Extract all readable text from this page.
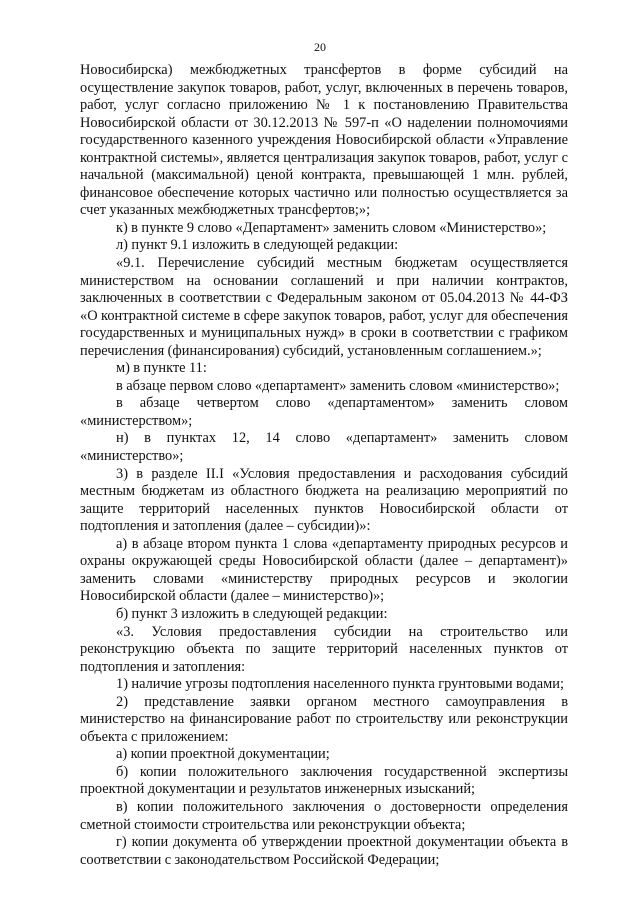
20

Новосибирска) межбюджетных трансфертов в форме субсидий на осуществление закупок товаров, работ, услуг, включенных в перечень товаров, работ, услуг согласно приложению № 1 к постановлению Правительства Новосибирской области от 30.12.2013 № 597-п «О наделении полномочиями государственного казенного учреждения Новосибирской области «Управление контрактной системы», является централизация закупок товаров, работ, услуг с начальной (максимальной) ценой контракта, превышающей 1 млн. рублей, финансовое обеспечение которых частично или полностью осуществляется за счет указанных межбюджетных трансфертов;»;

к) в пункте 9 слово «Департамент» заменить словом «Министерство»;

л) пункт 9.1 изложить в следующей редакции:

«9.1. Перечисление субсидий местным бюджетам осуществляется министерством на основании соглашений и при наличии контрактов, заключенных в соответствии с Федеральным законом от 05.04.2013 № 44-ФЗ «О контрактной системе в сфере закупок товаров, работ, услуг для обеспечения государственных и муниципальных нужд» в сроки в соответствии с графиком перечисления (финансирования) субсидий, установленным соглашением.»;

м) в пункте 11:

в абзаце первом слово «департамент» заменить словом «министерство»;

в абзаце четвертом слово «департаментом» заменить словом «министерством»;

н) в пунктах 12, 14 слово «департамент» заменить словом «министерство»;

3) в разделе II.I «Условия предоставления и расходования субсидий местным бюджетам из областного бюджета на реализацию мероприятий по защите территорий населенных пунктов Новосибирской области от подтопления и затопления (далее – субсидии)»:

а) в абзаце втором пункта 1 слова «департаменту природных ресурсов и охраны окружающей среды Новосибирской области (далее – департамент)» заменить словами «министерству природных ресурсов и экологии Новосибирской области (далее – министерство)»;

б) пункт 3 изложить в следующей редакции:

«3. Условия предоставления субсидии на строительство или реконструкцию объекта по защите территорий населенных пунктов от подтопления и затопления:

1) наличие угрозы подтопления населенного пункта грунтовыми водами;

2) представление заявки органом местного самоуправления в министерство на финансирование работ по строительству или реконструкции объекта с приложением:

а) копии проектной документации;

б) копии положительного заключения государственной экспертизы проектной документации и результатов инженерных изысканий;

в) копии положительного заключения о достоверности определения сметной стоимости строительства или реконструкции объекта;

г) копии документа об утверждении проектной документации объекта в соответствии с законодательством Российской Федерации;
